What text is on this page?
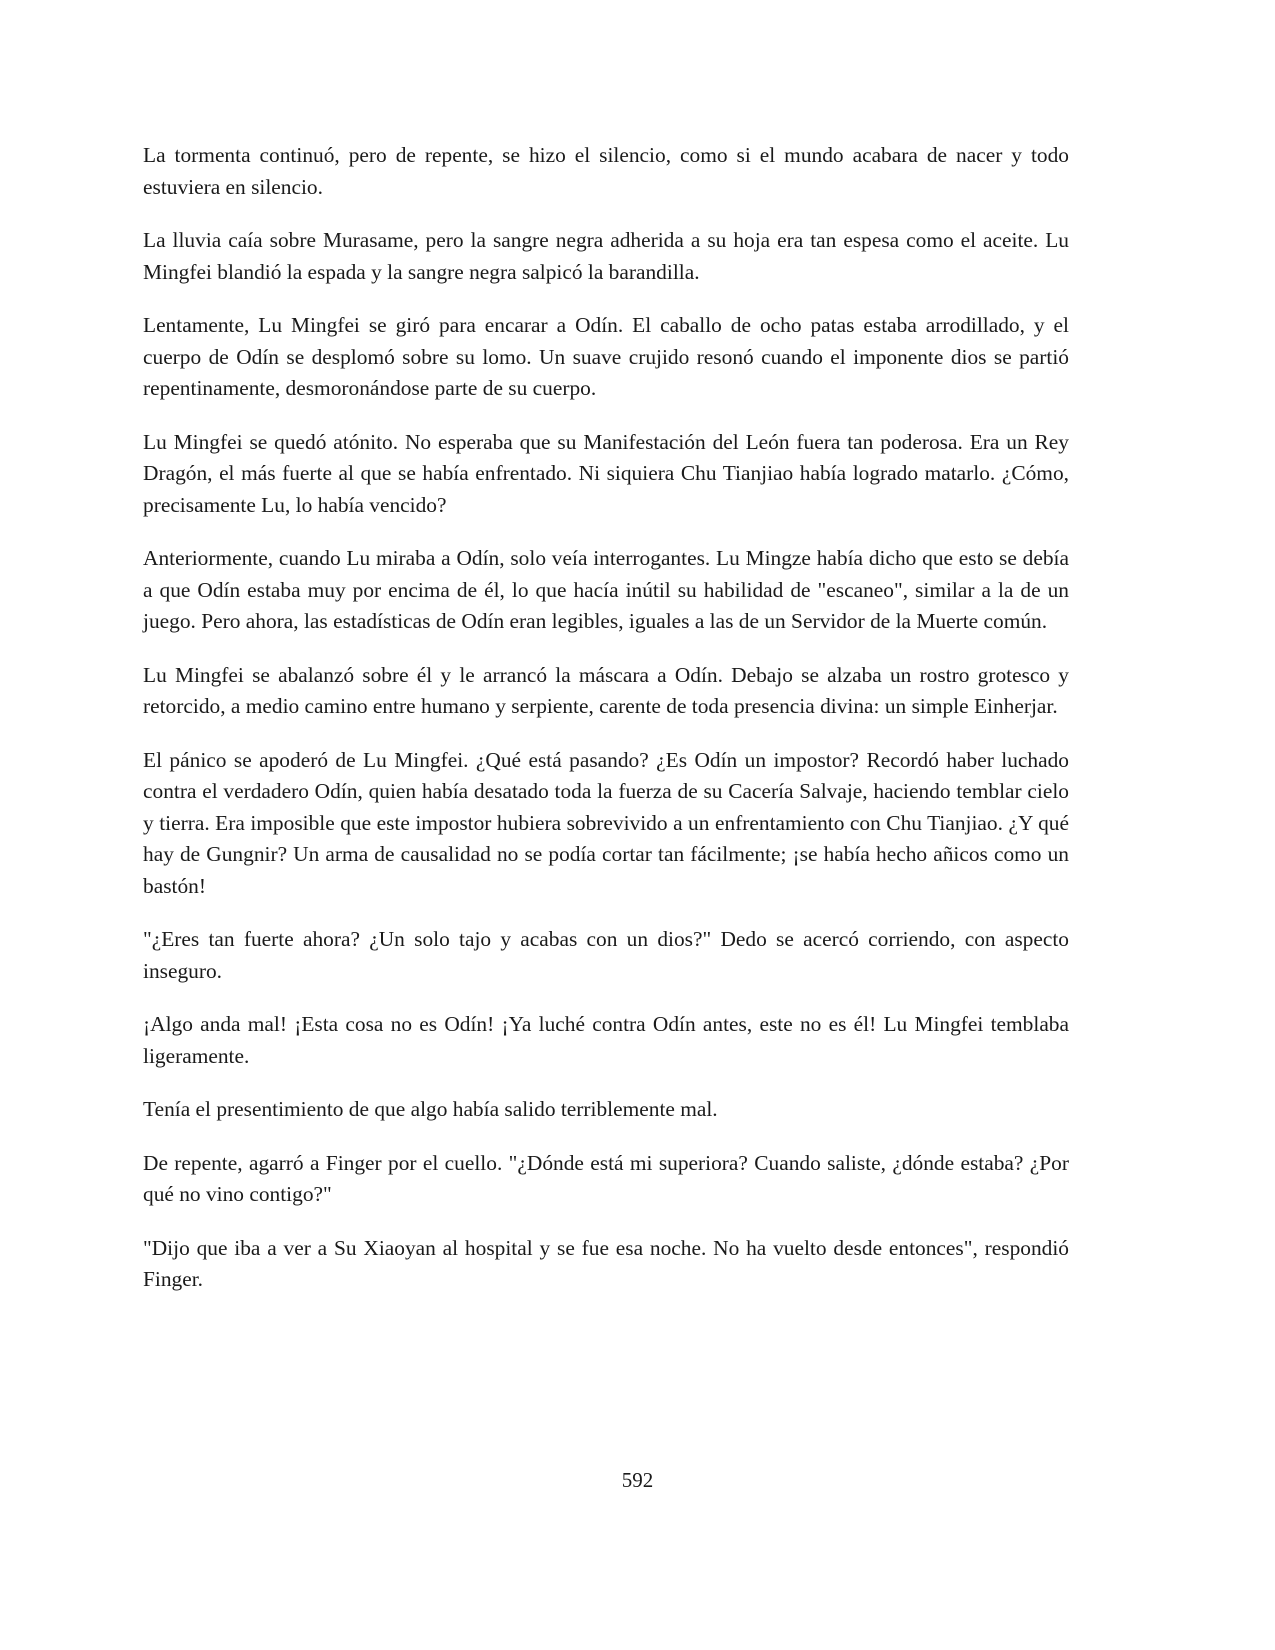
La tormenta continuó, pero de repente, se hizo el silencio, como si el mundo acabara de nacer y todo estuviera en silencio.

La lluvia caía sobre Murasame, pero la sangre negra adherida a su hoja era tan espesa como el aceite. Lu Mingfei blandió la espada y la sangre negra salpicó la barandilla.

Lentamente, Lu Mingfei se giró para encarar a Odín. El caballo de ocho patas estaba arrodillado, y el cuerpo de Odín se desplomó sobre su lomo. Un suave crujido resonó cuando el imponente dios se partió repentinamente, desmoronándose parte de su cuerpo.

Lu Mingfei se quedó atónito. No esperaba que su Manifestación del León fuera tan poderosa. Era un Rey Dragón, el más fuerte al que se había enfrentado. Ni siquiera Chu Tianjiao había logrado matarlo. ¿Cómo, precisamente Lu, lo había vencido?

Anteriormente, cuando Lu miraba a Odín, solo veía interrogantes. Lu Mingze había dicho que esto se debía a que Odín estaba muy por encima de él, lo que hacía inútil su habilidad de "escaneo", similar a la de un juego. Pero ahora, las estadísticas de Odín eran legibles, iguales a las de un Servidor de la Muerte común.

Lu Mingfei se abalanzó sobre él y le arrancó la máscara a Odín. Debajo se alzaba un rostro grotesco y retorcido, a medio camino entre humano y serpiente, carente de toda presencia divina: un simple Einherjar.

El pánico se apoderó de Lu Mingfei. ¿Qué está pasando? ¿Es Odín un impostor? Recordó haber luchado contra el verdadero Odín, quien había desatado toda la fuerza de su Cacería Salvaje, haciendo temblar cielo y tierra. Era imposible que este impostor hubiera sobrevivido a un enfrentamiento con Chu Tianjiao. ¿Y qué hay de Gungnir? Un arma de causalidad no se podía cortar tan fácilmente; ¡se había hecho añicos como un bastón!

"¿Eres tan fuerte ahora? ¿Un solo tajo y acabas con un dios?" Dedo se acercó corriendo, con aspecto inseguro.

¡Algo anda mal! ¡Esta cosa no es Odín! ¡Ya luché contra Odín antes, este no es él! Lu Mingfei temblaba ligeramente.

Tenía el presentimiento de que algo había salido terriblemente mal.

De repente, agarró a Finger por el cuello. "¿Dónde está mi superiora? Cuando saliste, ¿dónde estaba? ¿Por qué no vino contigo?"

"Dijo que iba a ver a Su Xiaoyan al hospital y se fue esa noche. No ha vuelto desde entonces", respondió Finger.

592
